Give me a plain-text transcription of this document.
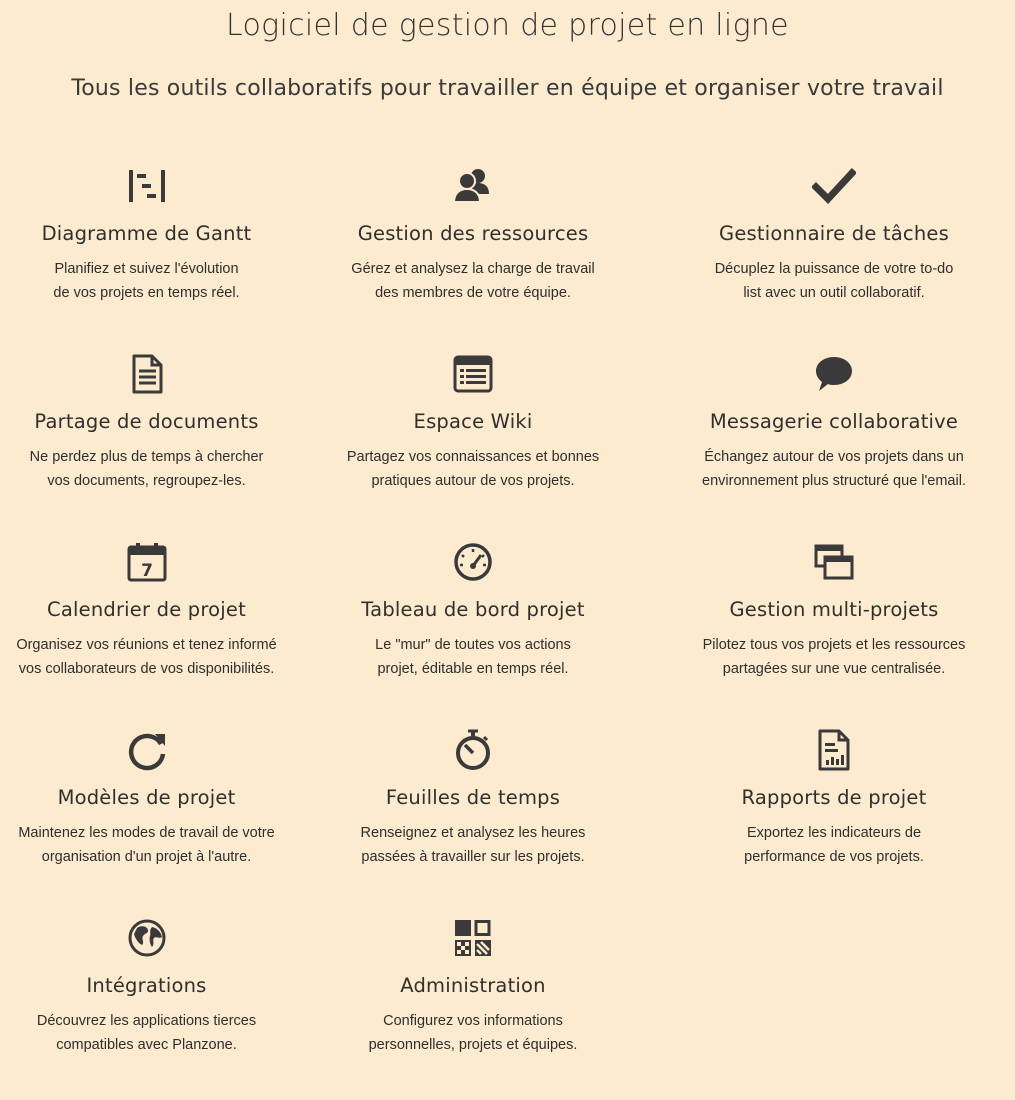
Logiciel de gestion de projet en ligne
Tous les outils collaboratifs pour travailler en équipe et organiser votre travail
Diagramme de Gantt
Planifiez et suivez l'évolution
de vos projets en temps réel.
Gestion des ressources
Gérez et analysez la charge de travail
des membres de votre équipe.
Gestionnaire de tâches
Décuplez la puissance de votre to-do
list avec un outil collaboratif.
Partage de documents
Ne perdez plus de temps à chercher
vos documents, regroupez-les.
Espace Wiki
Partagez vos connaissances et bonnes
pratiques autour de vos projets.
Messagerie collaborative
Échangez autour de vos projets dans un
environnement plus structuré que l'email.
7
Calendrier de projet
Organisez vos réunions et tenez informé
vos collaborateurs de vos disponibilités.
Tableau de bord projet
Le "mur" de toutes vos actions
projet, éditable en temps réel.
Gestion multi-projets
Pilotez tous vos projets et les ressources
partagées sur une vue centralisée.
Modèles de projet
Maintenez les modes de travail de votre
organisation d'un projet à l'autre.
Feuilles de temps
Renseignez et analysez les heures
passées à travailler sur les projets.
Rapports de projet
Exportez les indicateurs de
performance de vos projets.
Intégrations
Découvrez les applications tierces
compatibles avec Planzone.
Administration
Configurez vos informations
personnelles, projets et équipes.
